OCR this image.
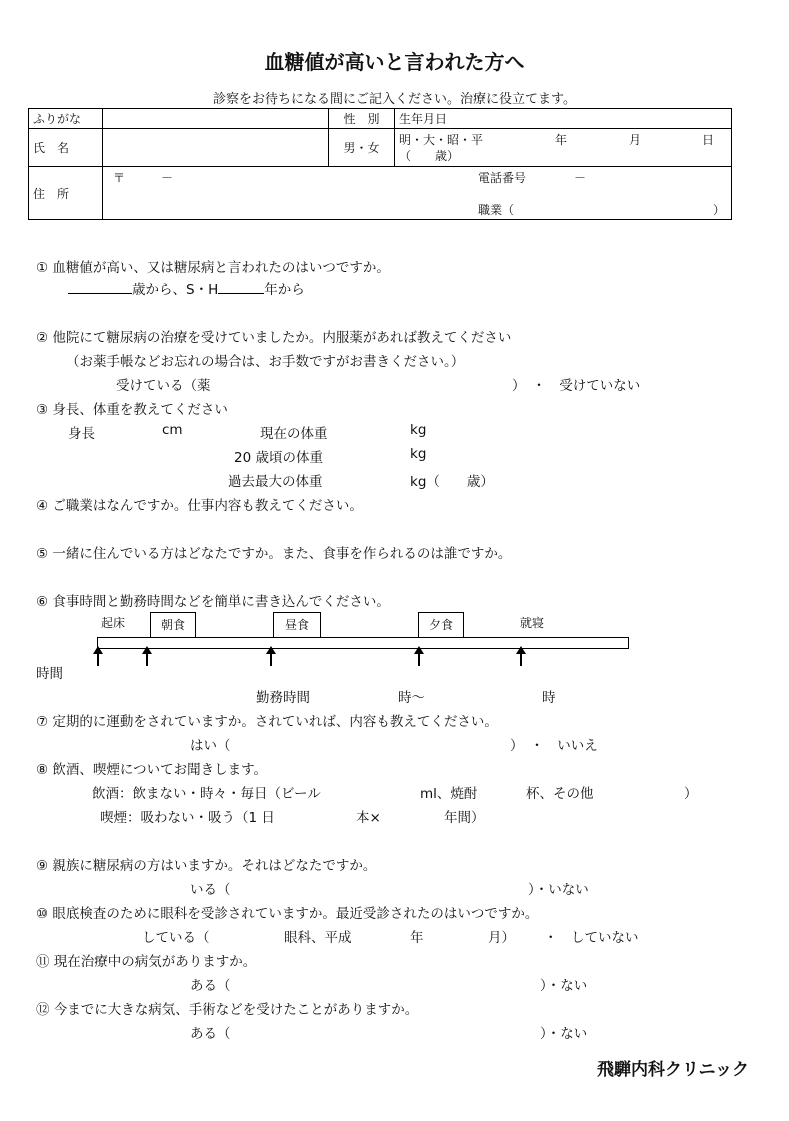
血糖値が高いと言われた方へ
診察をお待ちになる間にご記入ください。治療に役立てます。
ふりがな		性　別	生年月日
氏　名		男・女	明・大・昭・平 年 月 日
（　　歳）

住　所	〒　　　－ 電話番号　　　　－
職業（ ）		
① 血糖値が高い、又は糖尿病と言われたのはいつですか。
歳から、S・H	年から
② 他院にて糖尿病の治療を受けていましたか。内服薬があれば教えてください
（お薬手帳などお忘れの場合は、お手数ですがお書きください。）
受けている（薬	）　・　受けていない
③ 身長、体重を教えてください
身長	cm	現在の体重	kg
20 歳頃の体重	kg
過去最大の体重	kg（　　歳）
④ ご職業はなんですか。仕事内容も教えてください。
⑤ 一緒に住んでいる方はどなたですか。また、食事を作られるのは誰ですか。
⑥ 食事時間と勤務時間などを簡単に書き込んでください。
起床	朝食	昼食	夕食	就寝
時間
勤務時間	時～	時
⑦ 定期的に運動をされていますか。されていれば、内容も教えてください。
はい（	）　・　いいえ
⑧ 飲酒、喫煙についてお聞きします。
飲酒：飲まない・時々・毎日（ビール	ml、焼酎	杯、その他	）
喫煙：吸わない・吸う（1 日	本×	年間）
⑨ 親族に糖尿病の方はいますか。それはどなたですか。
いる（	）・いない
⑩ 眼底検査のために眼科を受診されていますか。最近受診されたのはいつですか。
している（	眼科、平成	年	月） ・　していない
⑪ 現在治療中の病気がありますか。
ある（	）・ない
⑫ 今までに大きな病気、手術などを受けたことがありますか。
ある（	）・ない
飛騨内科クリニック
